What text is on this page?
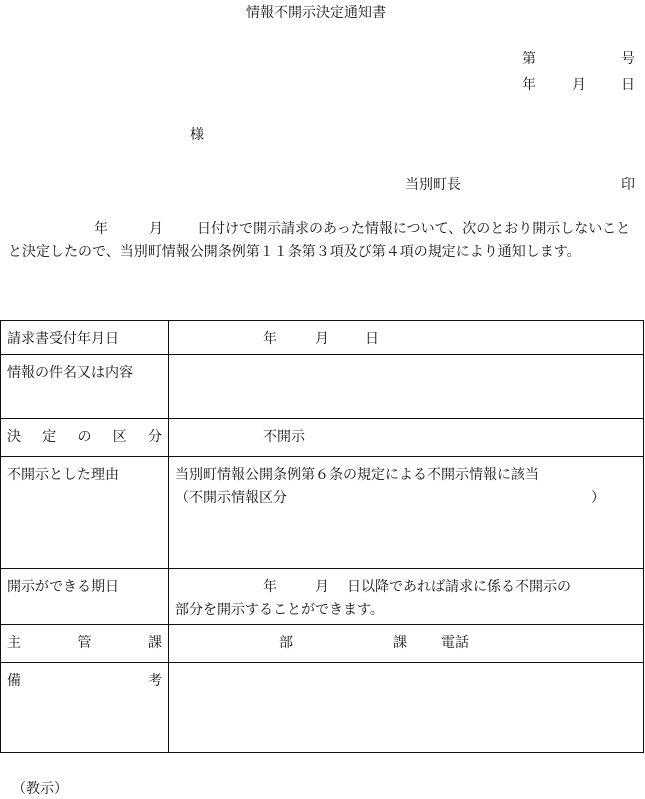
情報不開示決定通知書
第	号
年	月	日
様
当別町長	印
年	月 日付けで開示請求のあった情報について、次のとおり開示しないことと決定したので、当別町情報公開条例第１１条第３項及び第４項の規定により通知します。
請求書受付年月日	年 月 日
情報の件名又は内容	

決 定 の 区 分	不開示
不開示とした理由	当別町情報公開条例第６条の規定による不開示情報に該当
（不開示情報区分 ）

開示ができる期日	年 月 日以降であれば請求に係る不開示の
部分を開示することができます。

主 管 課	部 課 電話

備 考	

（教示）
